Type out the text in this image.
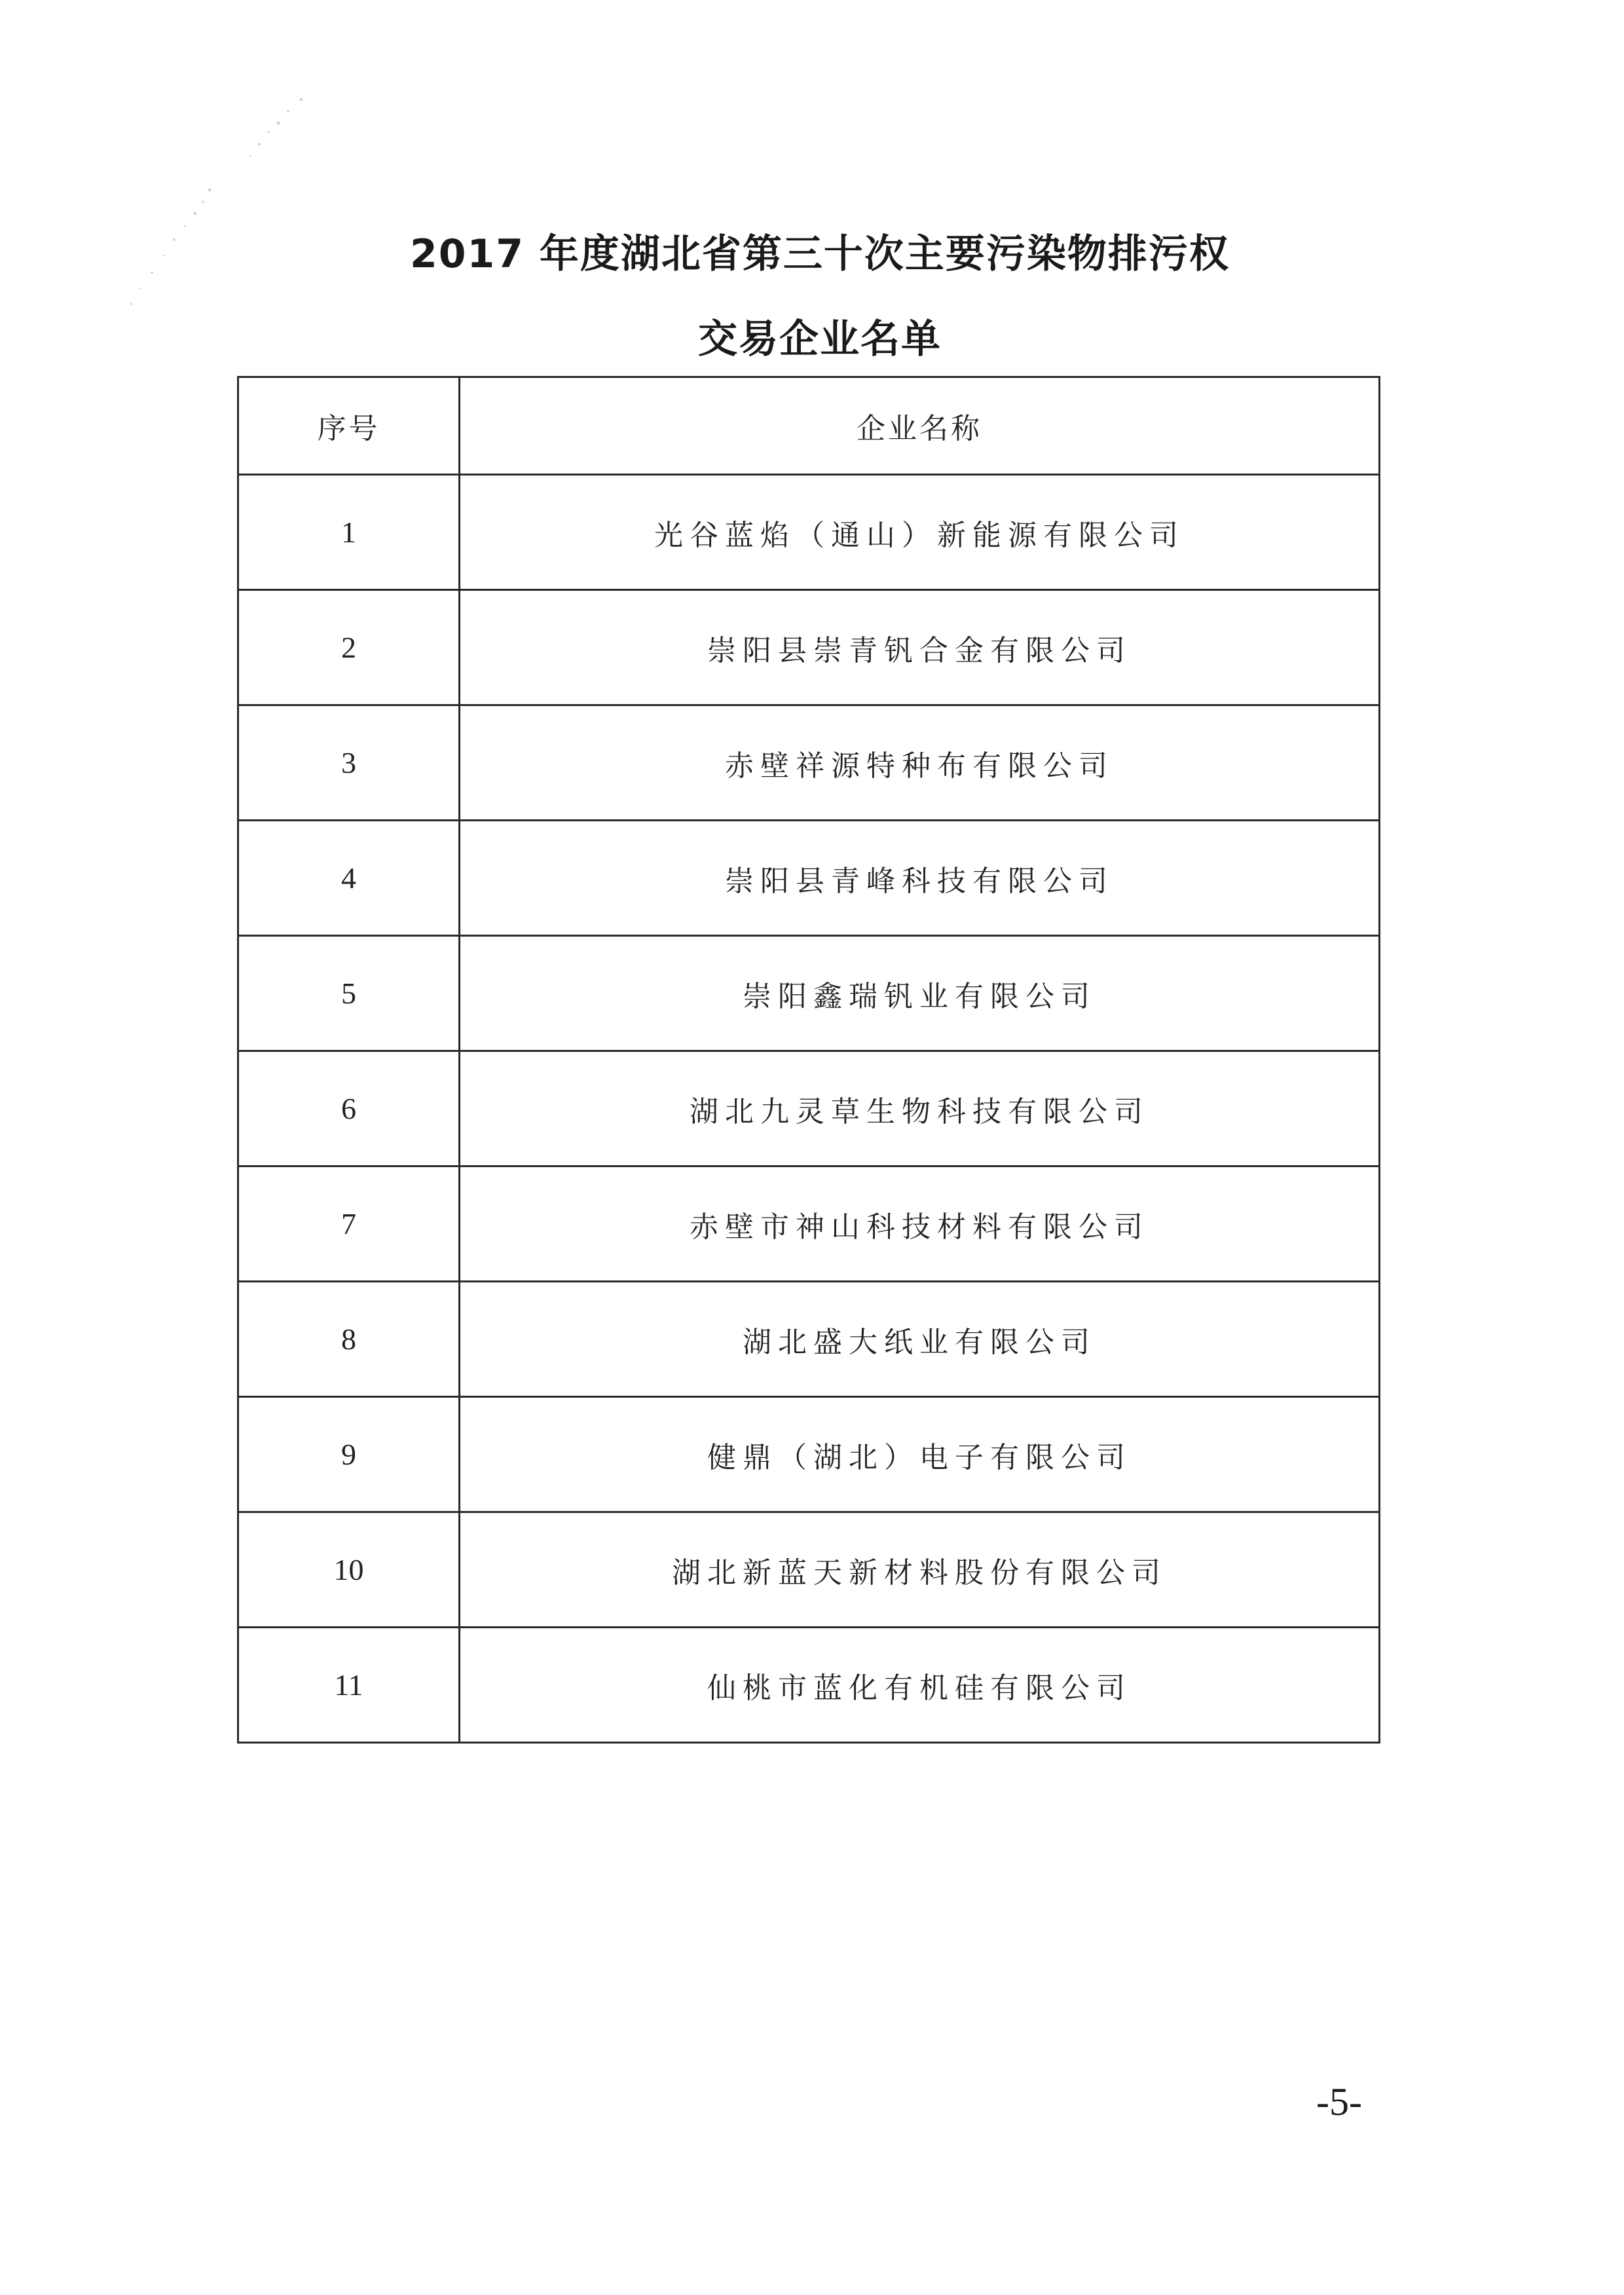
2017 年度湖北省第三十次主要污染物排污权
交易企业名单
序号	企业名称
1	光谷蓝焰（通山）新能源有限公司
2	崇阳县崇青钒合金有限公司
3	赤壁祥源特种布有限公司
4	崇阳县青峰科技有限公司
5	崇阳鑫瑞钒业有限公司
6	湖北九灵草生物科技有限公司
7	赤壁市神山科技材料有限公司
8	湖北盛大纸业有限公司
9	健鼎（湖北）电子有限公司
10	湖北新蓝天新材料股份有限公司
11	仙桃市蓝化有机硅有限公司
-5-
